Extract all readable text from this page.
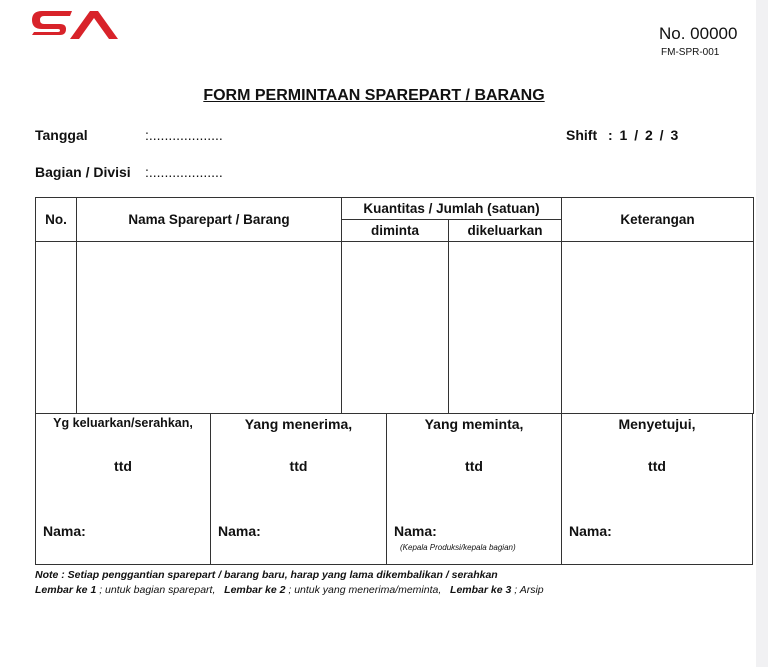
No. 00000
FM-SPR-001
FORM PERMINTAAN SPAREPART / BARANG
Tanggal	:...................	Shift : 1 / 2 / 3
Bagian / Divisi :...................
No.	Nama Sparepart / Barang	Kuantitas / Jumlah (satuan)		Keterangan
		diminta	dikeluarkan	

Yg keluarkan/serahkan,
ttd
Nama:
Yang menerima,
ttd
Nama:
Yang meminta,
ttd
Nama:
(Kepala Produksi/kepala bagian)
Menyetujui,
ttd
Nama:
Note : Setiap penggantian sparepart / barang baru, harap yang lama dikembalikan / serahkan
Lembar ke 1 ; untuk bagian sparepart, Lembar ke 2 ; untuk yang menerima/meminta, Lembar ke 3 ; Arsip
